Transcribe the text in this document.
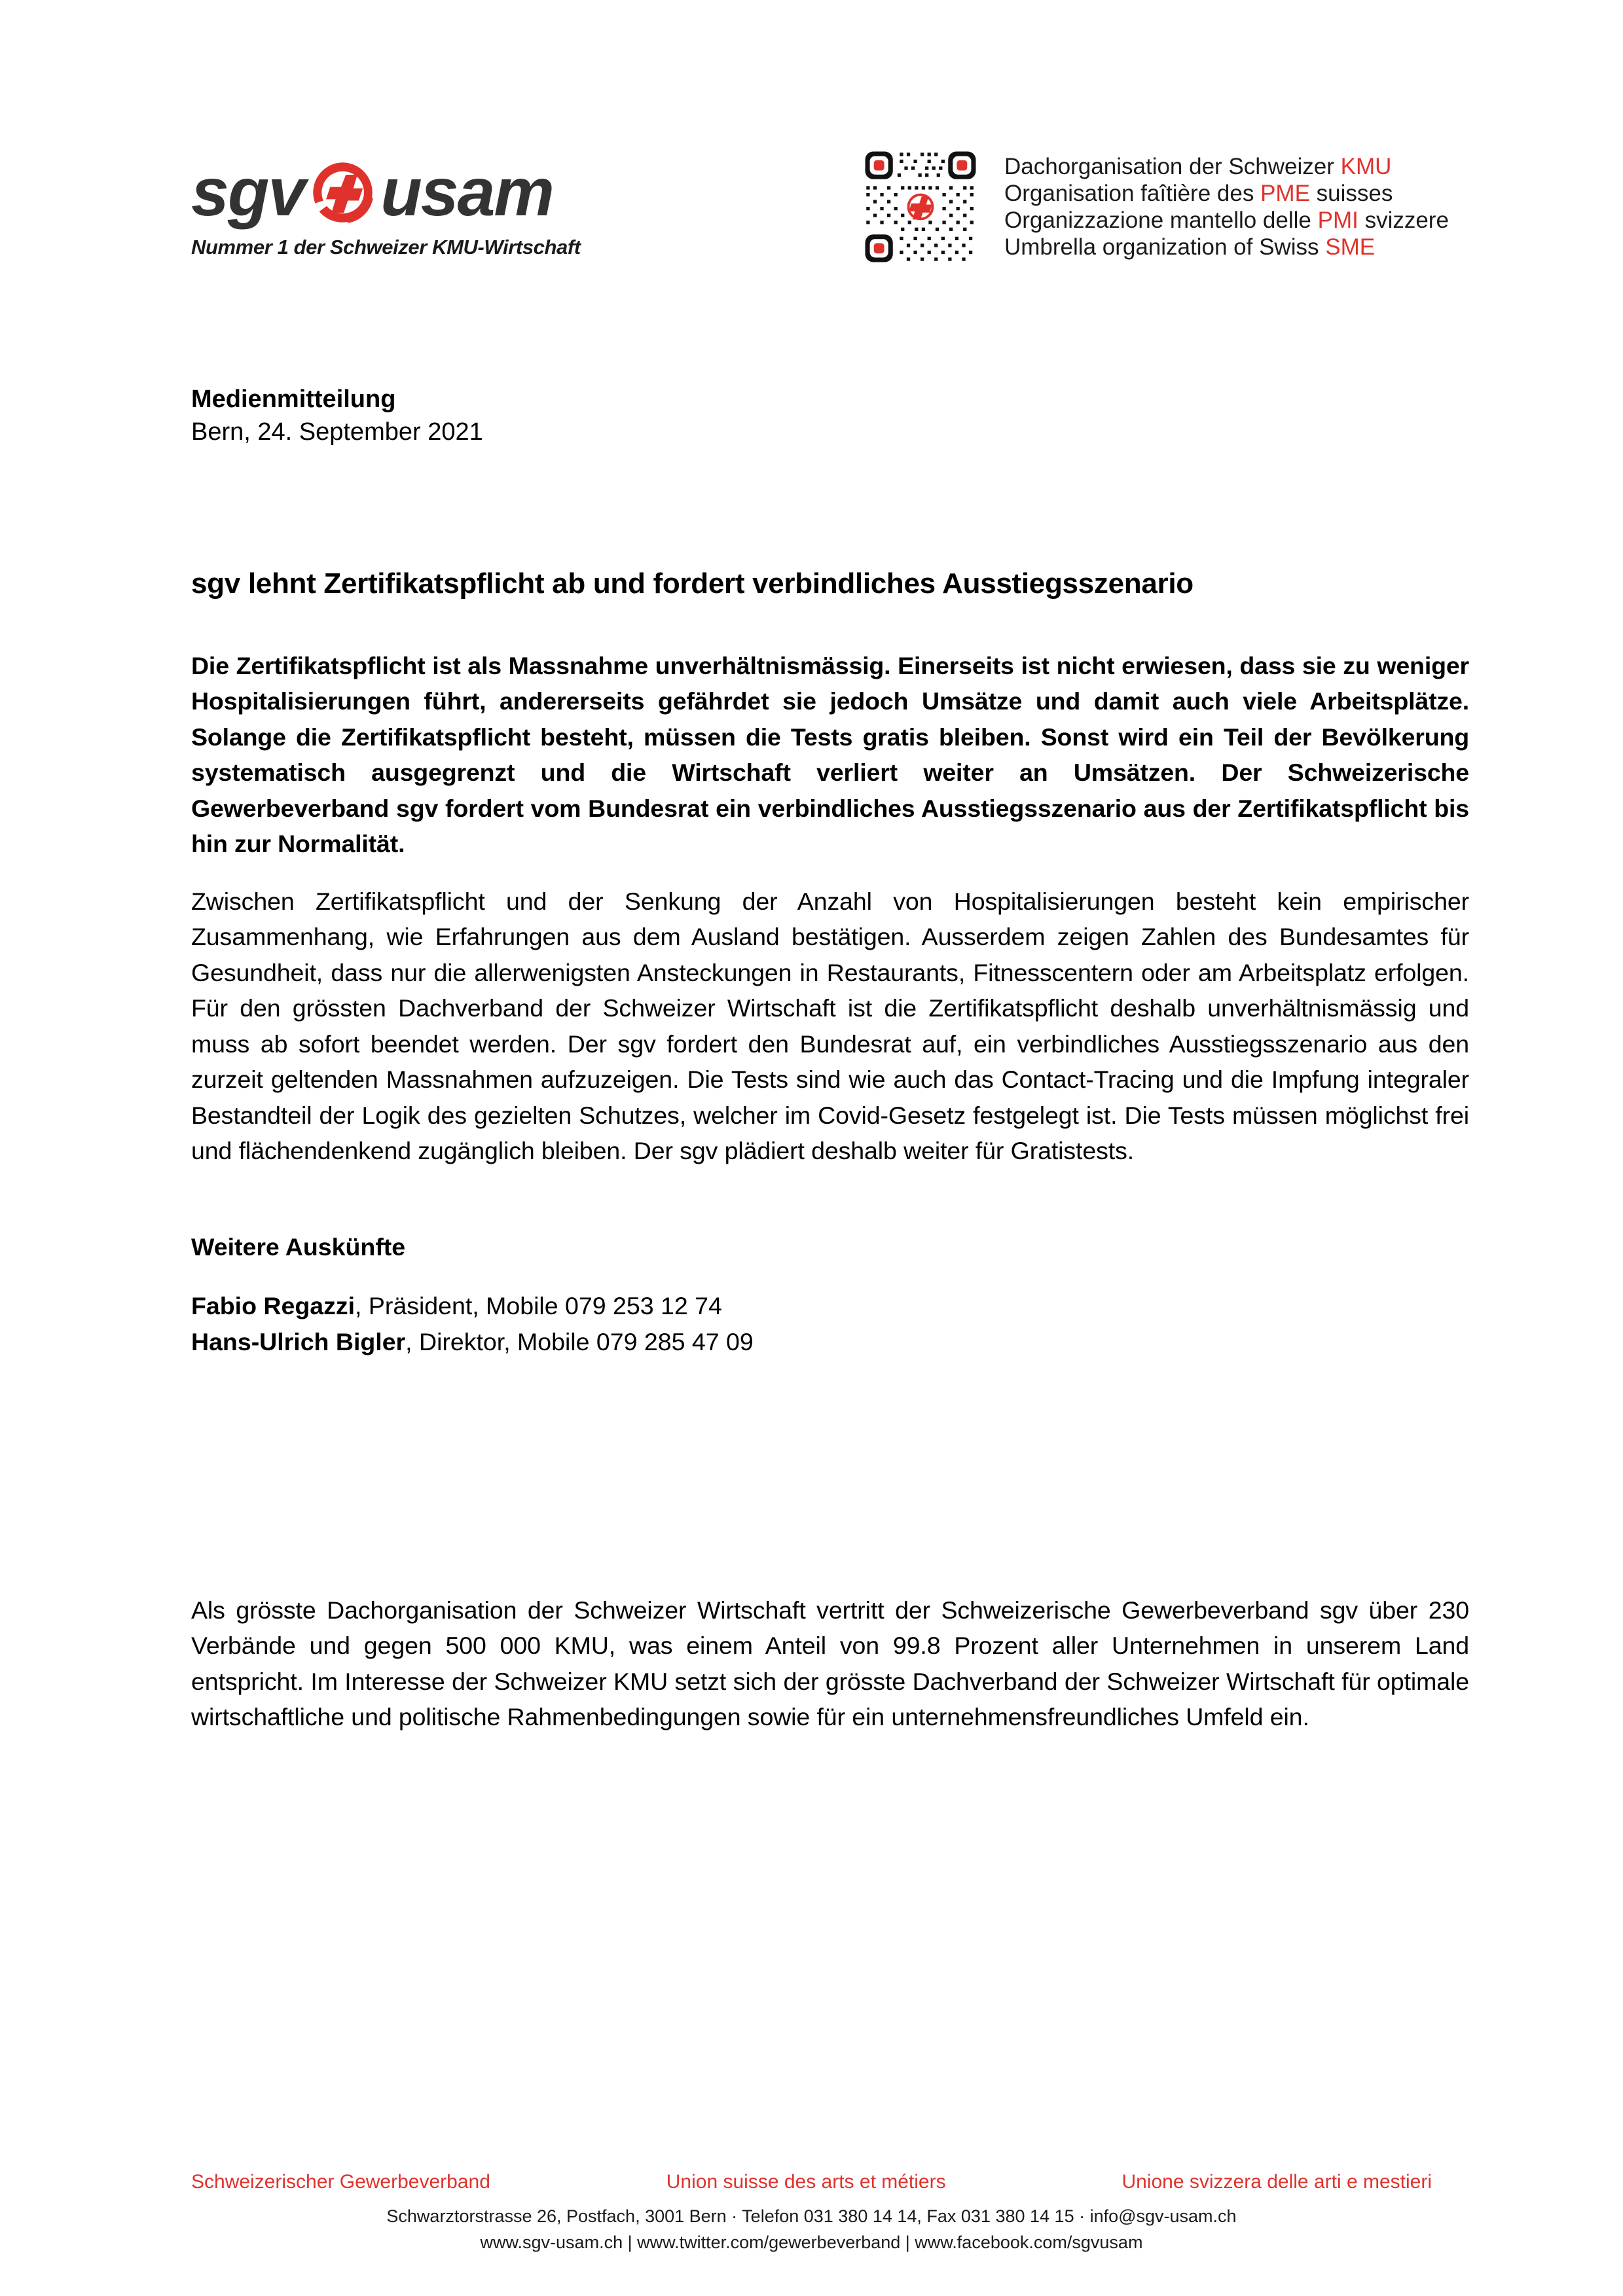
sgv usam
Nummer 1 der Schweizer KMU-Wirtschaft
Dachorganisation der Schweizer KMU
Organisation faîtière des PME suisses
Organizzazione mantello delle PMI svizzere
Umbrella organization of Swiss SME
Medienmitteilung
Bern, 24. September 2021
sgv lehnt Zertifikatspflicht ab und fordert verbindliches Ausstiegsszenario

Die Zertifikatspflicht ist als Massnahme unverhältnismässig. Einerseits ist nicht erwiesen, dass sie zu weniger Hospitalisierungen führt, andererseits gefährdet sie jedoch Umsätze und damit auch viele Arbeitsplätze. Solange die Zertifikatspflicht besteht, müssen die Tests gratis bleiben. Sonst wird ein Teil der Bevölkerung systematisch ausgegrenzt und die Wirtschaft verliert weiter an Umsätzen. Der Schweizerische Gewerbeverband sgv fordert vom Bundesrat ein verbindliches Ausstiegsszenario aus der Zertifikatspflicht bis hin zur Normalität.

Zwischen Zertifikatspflicht und der Senkung der Anzahl von Hospitalisierungen besteht kein empirischer Zusammenhang, wie Erfahrungen aus dem Ausland bestätigen. Ausserdem zeigen Zahlen des Bundesamtes für Gesundheit, dass nur die allerwenigsten Ansteckungen in Restaurants, Fitnesscentern oder am Arbeitsplatz erfolgen. Für den grössten Dachverband der Schweizer Wirtschaft ist die Zertifikatspflicht deshalb unverhältnismässig und muss ab sofort beendet werden. Der sgv fordert den Bundesrat auf, ein verbindliches Ausstiegsszenario aus den zurzeit geltenden Massnahmen aufzuzeigen. Die Tests sind wie auch das Contact-Tracing und die Impfung integraler Bestandteil der Logik des gezielten Schutzes, welcher im Covid-Gesetz festgelegt ist. Die Tests müssen möglichst frei und flächendenkend zugänglich bleiben. Der sgv plädiert deshalb weiter für Gratistests.

Weitere Auskünfte
Fabio Regazzi, Präsident, Mobile 079 253 12 74
Hans-Ulrich Bigler, Direktor, Mobile 079 285 47 09

Als grösste Dachorganisation der Schweizer Wirtschaft vertritt der Schweizerische Gewerbeverband sgv über 230 Verbände und gegen 500 000 KMU, was einem Anteil von 99.8 Prozent aller Unternehmen in unserem Land entspricht. Im Interesse der Schweizer KMU setzt sich der grösste Dachverband der Schweizer Wirtschaft für optimale wirtschaftliche und politische Rahmenbedingungen sowie für ein unternehmensfreundliches Umfeld ein.

Schweizerischer Gewerbeverband	Union suisse des arts et métiers	Unione svizzera delle arti e mestieri
Schwarztorstrasse 26, Postfach, 3001 Bern · Telefon 031 380 14 14, Fax 031 380 14 15 · info@sgv-usam.ch
www.sgv-usam.ch | www.twitter.com/gewerbeverband | www.facebook.com/sgvusam
